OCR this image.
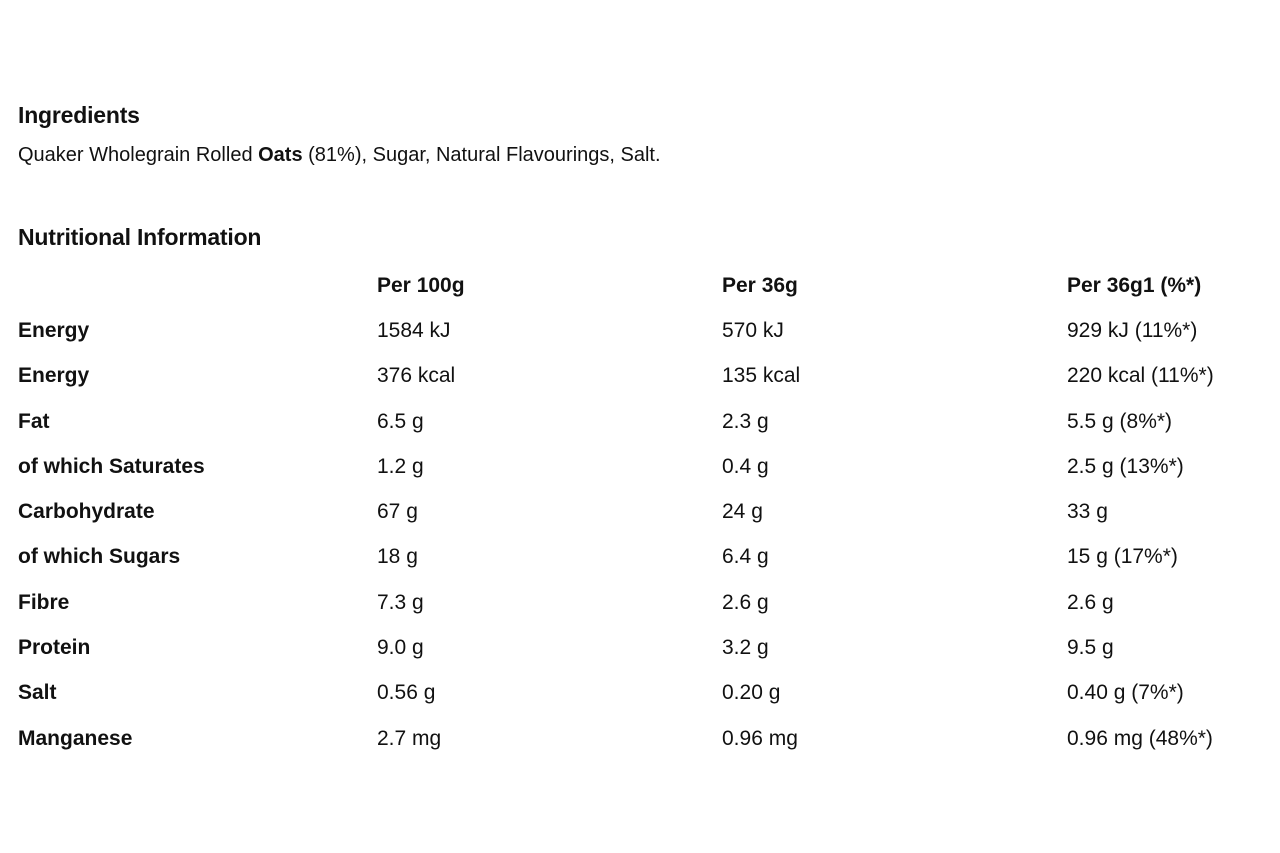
Ingredients

Quaker Wholegrain Rolled Oats (81%), Sugar, Natural Flavourings, Salt.

Nutritional Information
	Per 100g	Per 36g	Per 36g1 (%*)
Energy	1584 kJ	570 kJ	929 kJ (11%*)
Energy	376 kcal	135 kcal	220 kcal (11%*)
Fat	6.5 g	2.3 g	5.5 g (8%*)
of which Saturates	1.2 g	0.4 g	2.5 g (13%*)
Carbohydrate	67 g	24 g	33 g
of which Sugars	18 g	6.4 g	15 g (17%*)
Fibre	7.3 g	2.6 g	2.6 g
Protein	9.0 g	3.2 g	9.5 g
Salt	0.56 g	0.20 g	0.40 g (7%*)
Manganese	2.7 mg	0.96 mg	0.96 mg (48%*)
